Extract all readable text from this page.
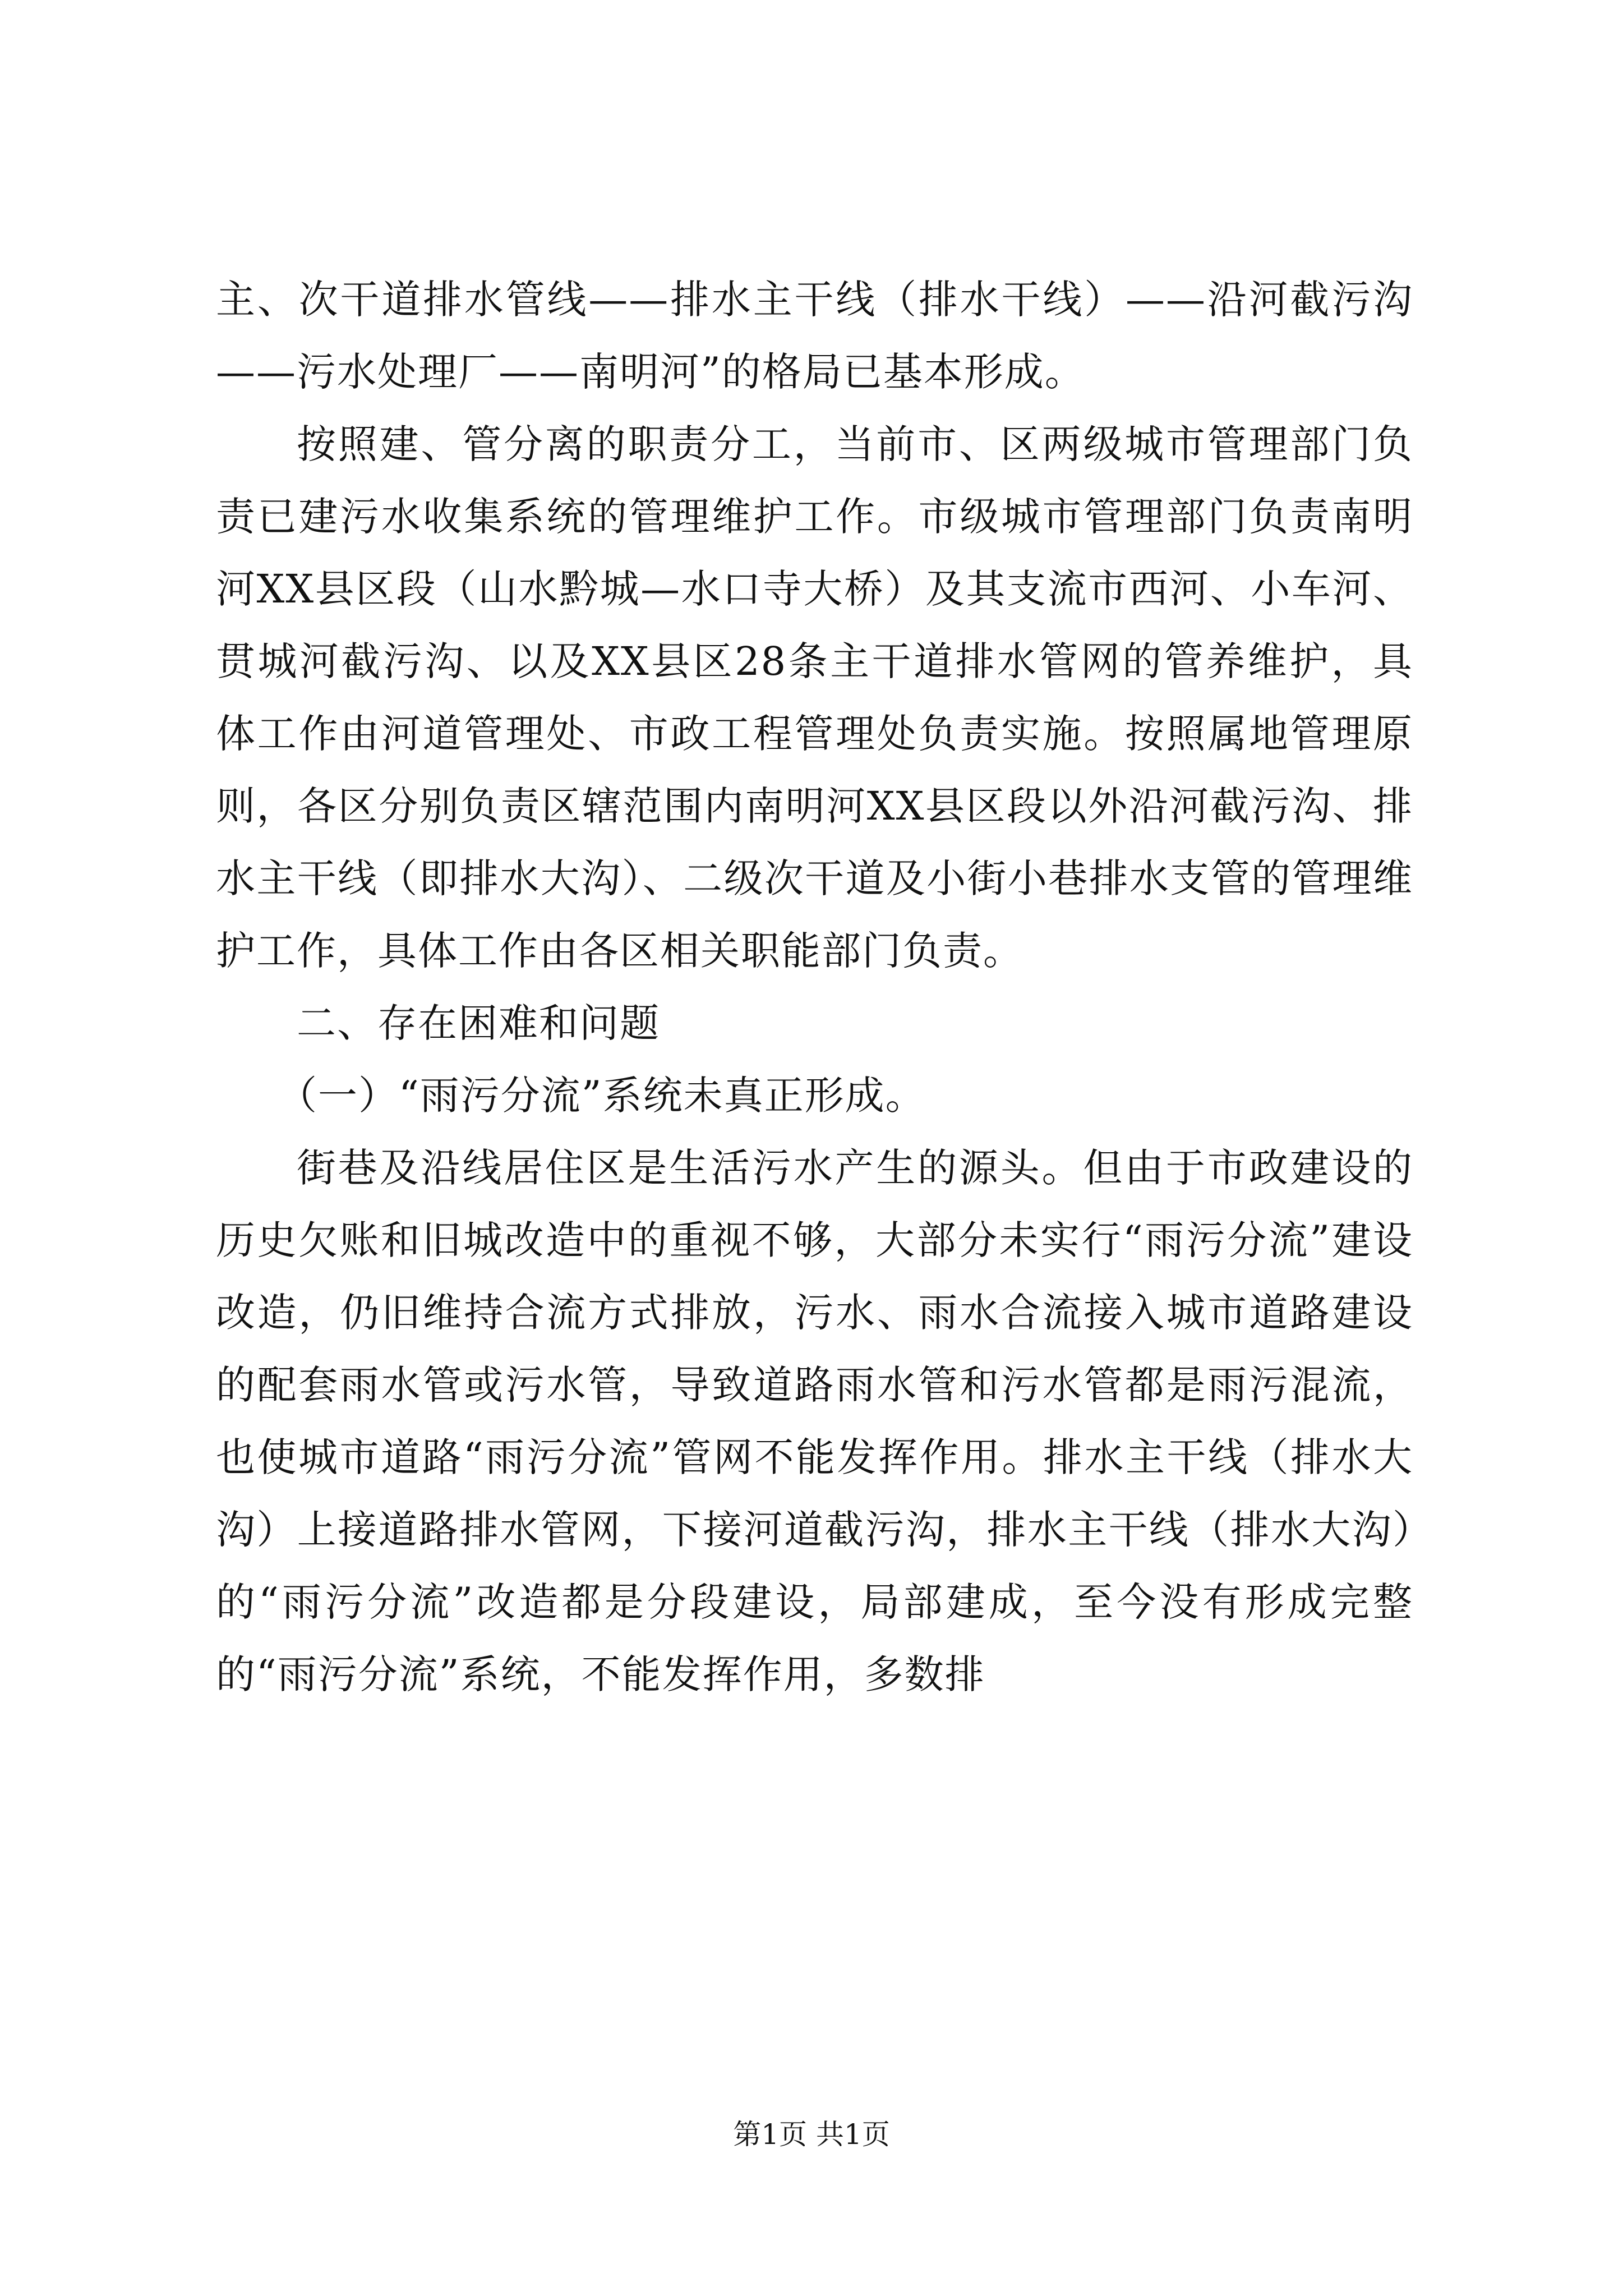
主、次干道排水管线——排水主干线（排水干线）——沿河截污沟——污水处理厂——南明河”的格局已基本形成。

按照建、管分离的职责分工，当前市、区两级城市管理部门负责已建污水收集系统的管理维护工作。市级城市管理部门负责南明河XX县区段（山水黔城—水口寺大桥）及其支流市西河、小车河、贯城河截污沟、以及XX县区28条主干道排水管网的管养维护，具体工作由河道管理处、市政工程管理处负责实施。按照属地管理原则，各区分别负责区辖范围内南明河XX县区段以外沿河截污沟、排水主干线（即排水大沟）、二级次干道及小街小巷排水支管的管理维护工作，具体工作由各区相关职能部门负责。

二、存在困难和问题

（一）“雨污分流”系统未真正形成。

街巷及沿线居住区是生活污水产生的源头。但由于市政建设的历史欠账和旧城改造中的重视不够，大部分未实行“雨污分流”建设改造，仍旧维持合流方式排放，污水、雨水合流接入城市道路建设的配套雨水管或污水管，导致道路雨水管和污水管都是雨污混流，也使城市道路“雨污分流”管网不能发挥作用。排水主干线（排水大沟）上接道路排水管网，下接河道截污沟，排水主干线（排水大沟）的“雨污分流”改造都是分段建设，局部建成，至今没有形成完整的“雨污分流”系统，不能发挥作用，多数排

第1页 共1页
